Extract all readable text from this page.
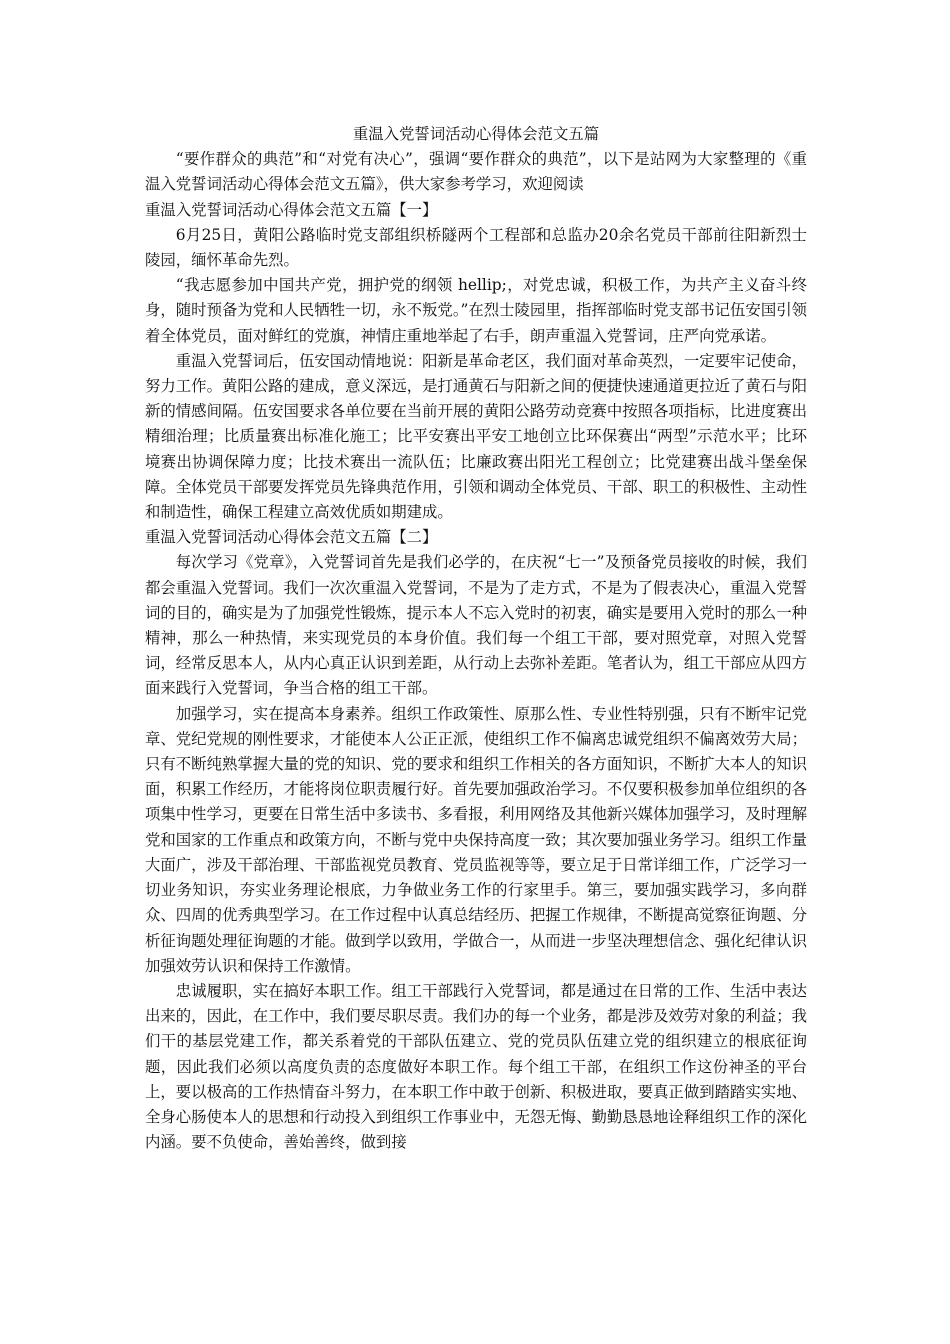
重温入党誓词活动心得体会范文五篇

“要作群众的典范”和“对党有决心”，强调“要作群众的典范”，以下是站网为大家整理的《重温入党誓词活动心得体会范文五篇》，供大家参考学习，欢迎阅读

重温入党誓词活动心得体会范文五篇【一】

6月25日，黄阳公路临时党支部组织桥隧两个工程部和总监办20余名党员干部前往阳新烈士陵园，缅怀革命先烈。

“我志愿参加中国共产党，拥护党的纲领 hellip;，对党忠诚，积极工作，为共产主义奋斗终身，随时预备为党和人民牺牲一切，永不叛党。”在烈士陵园里，指挥部临时党支部书记伍安国引领着全体党员，面对鲜红的党旗，神情庄重地举起了右手，朗声重温入党誓词，庄严向党承诺。

重温入党誓词后，伍安国动情地说：阳新是革命老区，我们面对革命英烈，一定要牢记使命，努力工作。黄阳公路的建成，意义深远，是打通黄石与阳新之间的便捷快速通道更拉近了黄石与阳新的情感间隔。伍安国要求各单位要在当前开展的黄阳公路劳动竞赛中按照各项指标，比进度赛出精细治理；比质量赛出标准化施工；比平安赛出平安工地创立比环保赛出“两型”示范水平；比环境赛出协调保障力度；比技术赛出一流队伍；比廉政赛出阳光工程创立；比党建赛出战斗堡垒保障。全体党员干部要发挥党员先锋典范作用，引领和调动全体党员、干部、职工的积极性、主动性和制造性，确保工程建立高效优质如期建成。

重温入党誓词活动心得体会范文五篇【二】

每次学习《党章》，入党誓词首先是我们必学的，在庆祝“七一”及预备党员接收的时候，我们都会重温入党誓词。我们一次次重温入党誓词，不是为了走方式，不是为了假表决心，重温入党誓词的目的，确实是为了加强党性锻炼，提示本人不忘入党时的初衷，确实是要用入党时的那么一种精神，那么一种热情，来实现党员的本身价值。我们每一个组工干部，要对照党章，对照入党誓词，经常反思本人，从内心真正认识到差距，从行动上去弥补差距。笔者认为，组工干部应从四方面来践行入党誓词，争当合格的组工干部。

加强学习，实在提高本身素养。组织工作政策性、原那么性、专业性特别强，只有不断牢记党章、党纪党规的刚性要求，才能使本人公正正派，使组织工作不偏离忠诚党组织不偏离效劳大局；只有不断纯熟掌握大量的党的知识、党的要求和组织工作相关的各方面知识，不断扩大本人的知识面，积累工作经历，才能将岗位职责履行好。首先要加强政治学习。不仅要积极参加单位组织的各项集中性学习，更要在日常生活中多读书、多看报，利用网络及其他新兴媒体加强学习，及时理解党和国家的工作重点和政策方向，不断与党中央保持高度一致；其次要加强业务学习。组织工作量大面广，涉及干部治理、干部监视党员教育、党员监视等等，要立足于日常详细工作，广泛学习一切业务知识，夯实业务理论根底，力争做业务工作的行家里手。第三，要加强实践学习，多向群众、四周的优秀典型学习。在工作过程中认真总结经历、把握工作规律，不断提高觉察征询题、分析征询题处理征询题的才能。做到学以致用，学做合一，从而进一步坚决理想信念、强化纪律认识加强效劳认识和保持工作激情。

忠诚履职，实在搞好本职工作。组工干部践行入党誓词，都是通过在日常的工作、生活中表达出来的，因此，在工作中，我们要尽职尽责。我们办的每一个业务，都是涉及效劳对象的利益；我们干的基层党建工作，都关系着党的干部队伍建立、党的党员队伍建立党的组织建立的根底征询题，因此我们必须以高度负责的态度做好本职工作。每个组工干部，在组织工作这份神圣的平台上，要以极高的工作热情奋斗努力，在本职工作中敢于创新、积极进取，要真正做到踏踏实实地、全身心肠使本人的思想和行动投入到组织工作事业中，无怨无悔、勤勤恳恳地诠释组织工作的深化内涵。要不负使命，善始善终，做到接
